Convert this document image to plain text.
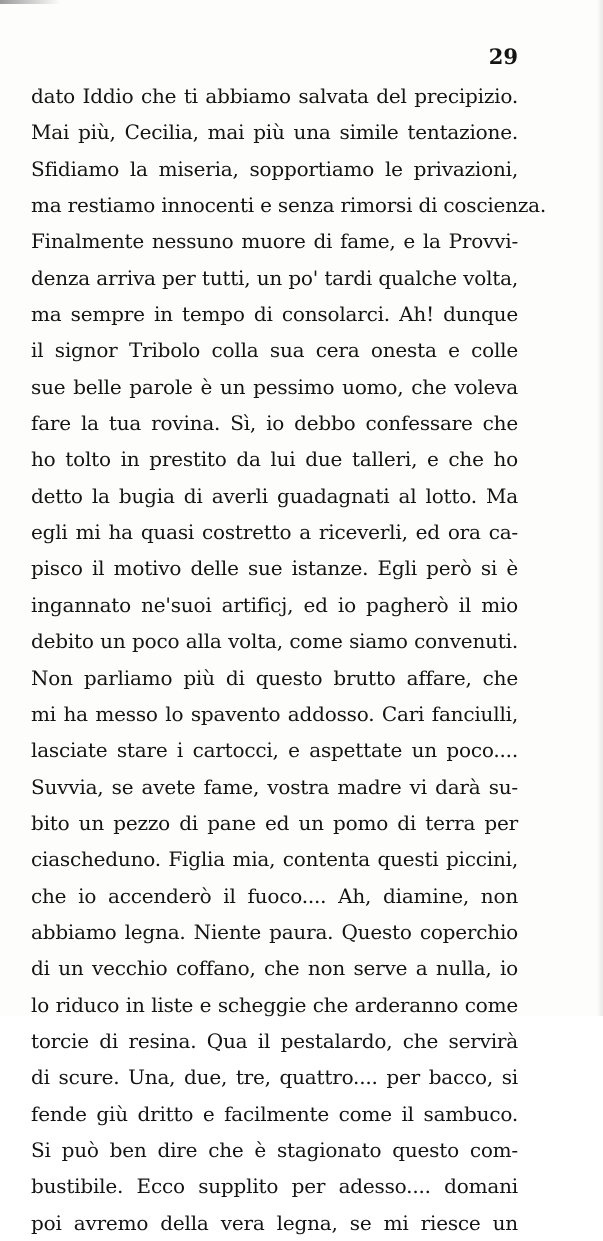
29
dato Iddio che ti abbiamo salvata del precipizio.
Mai più, Cecilia, mai più una simile tentazione.
Sfidiamo la miseria, sopportiamo le privazioni,
ma restiamo innocenti e senza rimorsi di coscienza.
Finalmente nessuno muore di fame, e la Provvi-
denza arriva per tutti, un po' tardi qualche volta,
ma sempre in tempo di consolarci. Ah! dunque
il signor Tribolo colla sua cera onesta e colle
sue belle parole è un pessimo uomo, che voleva
fare la tua rovina. Sì, io debbo confessare che
ho tolto in prestito da lui due talleri, e che ho
detto la bugia di averli guadagnati al lotto. Ma
egli mi ha quasi costretto a riceverli, ed ora ca-
pisco il motivo delle sue istanze. Egli però si è
ingannato ne'suoi artificj, ed io pagherò il mio
debito un poco alla volta, come siamo convenuti.
Non parliamo più di questo brutto affare, che
mi ha messo lo spavento addosso. Cari fanciulli,
lasciate stare i cartocci, e aspettate un poco....
Suvvia, se avete fame, vostra madre vi darà su-
bito un pezzo di pane ed un pomo di terra per
ciascheduno. Figlia mia, contenta questi piccini,
che io accenderò il fuoco.... Ah, diamine, non
abbiamo legna. Niente paura. Questo coperchio
di un vecchio coffano, che non serve a nulla, io
lo riduco in liste e scheggie che arderanno come
torcie di resina. Qua il pestalardo, che servirà
di scure. Una, due, tre, quattro.... per bacco, si
fende giù dritto e facilmente come il sambuco.
Si può ben dire che è stagionato questo com-
bustibile. Ecco supplito per adesso.... domani
poi avremo della vera legna, se mi riesce un
